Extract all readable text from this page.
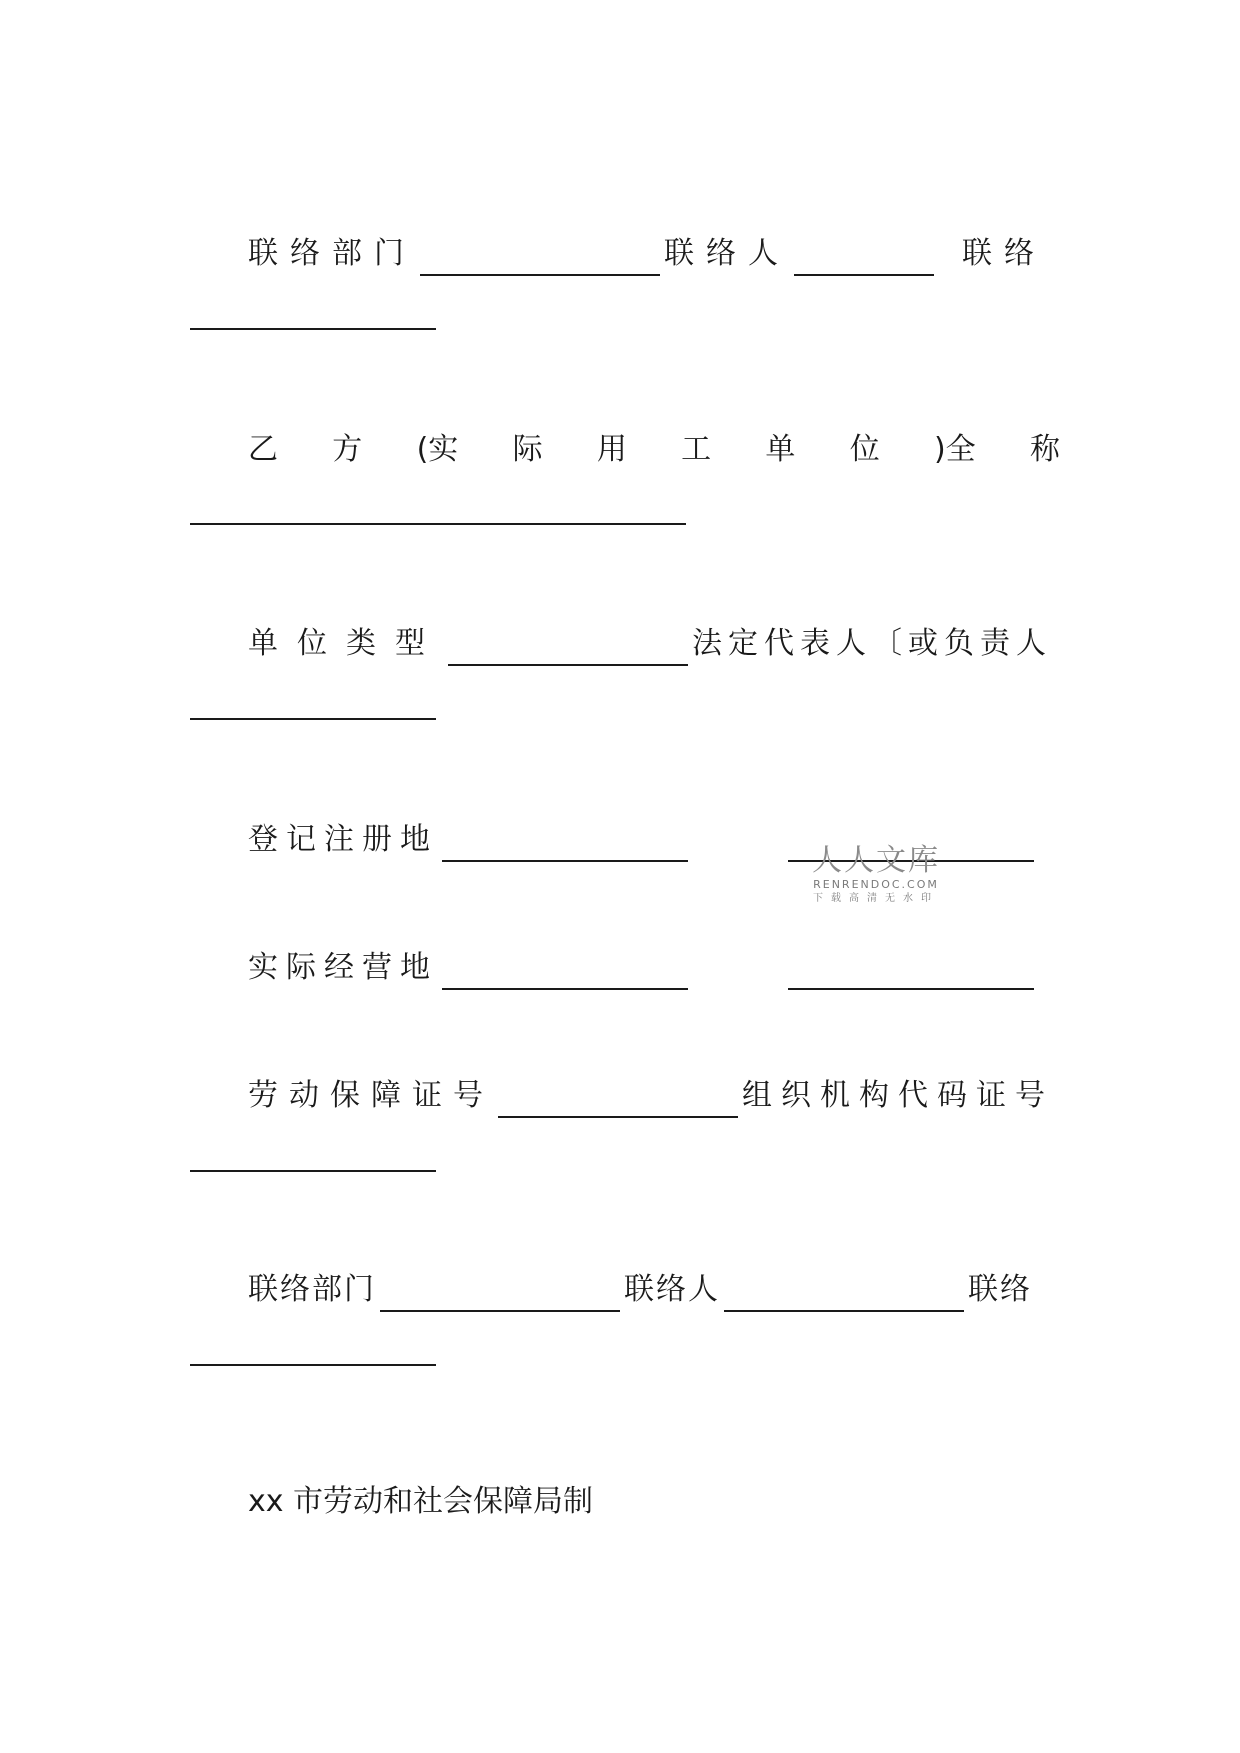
联络部门	联络人	联络
乙 方 (实 际 用 工 单 位 )全 称
单位类型	法定代表人〔或负责人
登记注册地
实际经营地
劳动保障证号	组织机构代码证号
联络部门	联络人	联络
xx 市劳动和社会保障局制
人人文库
RENRENDOC.COM
下载高清无水印
